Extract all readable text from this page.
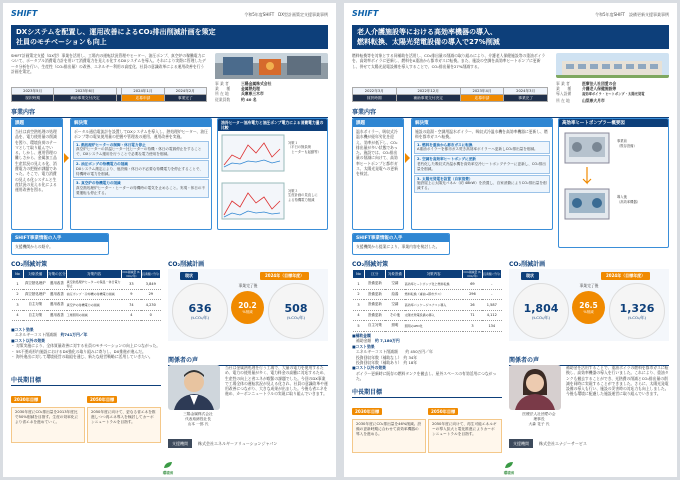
SHIFT	令和5年度SHIFT　DX型計画策定支援事業事例
DXシステムを配置し、運用改善によるCO₂排出削減計画を策定
社員のモチベーションも向上
SHIFT計画策定支援（DX型）事業を活用し、工場内の運転状況管理やヒーター、油圧ポンプ、真空炉の稼働電力について、ポータブル消費電力計を用いて消費電力を見える化するDXシステムを導入。それにより実際に管理したデータ分析を行い、生産性（CO₂排出量）の改善、エネルギー利用の高度化、社員の意識改革による運用改善を行う計画を策定。
2023年5月	2023年6月		2024年1月	2024年2月
採択時期	補助事業交付決定		応募申請	事業完了
事 業 者	三陽金属株式会社
業　　種	金属熱処理
所 在 地	兵庫県三木市
従業員数	約 40 名
事業内容
課題
当社は真空熱処理の処理品を、電力使用量の削減を図り、環境負荷のテーマとして取り組んでいる。しかし、運用管理の難しさから、金属加工品生産状況の見える化、消費電力の把握が課題であった。そこで、電力消費の見える化システムと生産状況の見える化による運用改善を図る。
解決策
ポータル通信電流計を設置してDXシステムを導入し、熱処理炉ヒーター、油圧ポンプ等の電気使用量の把握や管理表の運用、運用改善を実施。
1. 熱処理炉ヒーターの制御・休日電力停止
真空炉ヒーターの昇温ヒーター比ヒーターの待機・休日の電源停止をすることで、DXシステム運用を行うことで必要な電力使用を削減。
2. 油圧ポンプの待機電力の削減
DXシステム測定により、他設備・休日の不必要な待機電力を停止することで、待機時の電力を削減。
3. 真空炉の待機電力の削減
真空熱処理炉ヒーター・ヒーターの待機時の電気を止めること。実現・休日の不要運転も停止する。
油冷ヒーター油冷電力と油圧ポンプ電力による消費電力量の比較
対策１
（平日の無負荷
　ヒーターも起動等）
対策３
生産計画の見直しに
よる待機電力削減
SHIFT事業情報の入手
支援機関からの紹介。
CO₂削減対策
No	対象設備	対策の区分	対策内容	CO₂削減量 (t-CO₂/年)	投資額 (千円)
1	真空熱処理炉	運用改善	真空熱処理炉ヒーターの保温・休日電力停止	33	3,849
2	真空熱処理炉	運用改善	油圧ポンプ・冷却機の待機電力削減	9	29
3	自主対策	運用改善	真空炉の待機電力の削減	74	4,230
4	自主対策	運用改善	工場照明の削減	4	0
■コスト効果
エネルギーコスト削減額　 約741万円／年
■コスト以外の効果
・ 対策実施により、全体質量改善に対する社員のモチベーションの向上につながった。
・ 5S不要成形内施設におけるDX強化の取り組みに寄与し、DX推進が進んだ。
・ 海外進出に対して環境経営の取組を通じ、新たな経営戦略に活用していきたい。
CO₂削減計画
現状	2024年（目標年度）
636
(t-CO₂/年)
事業完了後
20.2
%削減	508
(t-CO₂/年)
関係者の声
三陽金属株式会社
代表取締役社長
山本 一郎 氏
当社は金属熱処理を行う工場で、大量の電力を使用するため、電力の使用量が多く、電力料金の高騰に対応するため、生産性の向上と省エネが喫緊の課題でした。今回のDX事業で工場全体の運転状況が見える化され、社員の意識改革や運用改善につながり、大きな成果が出ました。今後も省エネを進め、カーボンニュートラルの実現に取り組んでいきます。
中長期目標
2030年目標
2030年度にCO₂排出量を2013年度比で50%削減を目指す。生産の効率化により省エネを進めていく。
2050年目標
2050年度に向けて、更なる省エネを推進しつつ再エネ導入を検討してカーボンニュートラルを目指す。
支援機関	株式会社エネルギーソリューションジャパン
環境省
SHIFT	令和5年度SHIFT　設備更新支援事業事例
老人介護施設等における高効率機器の導入、
燃料転換、太陽光発電設備の導入で27%削減
燃料転換等を対象とする同補助を活用し、CO₂排出量の削減の取り組みにより、介護老人保健施設等の重油ボイラを、高効率ボイラに更新し、燃料をA重油から都市ガスに転換。また、施設の空調を高効率ヒートポンプに更新し、併せて太陽光発電設備を導入することで、CO₂排出量を27%削減する。
2022年3月	2022年12月	2023年4月	2024年3月
採択時期	補助事業交付決定	応募申請	事業完了
事 業 者	医療法人社団愛の会
業　　種	介護老人保健施設等
導入設備	高効率ボイラ・ヒートポンプ・太陽光発電
所 在 地	山梨県大月市
事業内容
課題
温水ボイラー、吸収式冷温水機が経年劣化を迎え、効率が低下し、CO₂排出量が多い状態であった。施設では、CO₂排出量の削減に向けて、高効率ヒートポンプと都市ガス、太陽光発電への更新を検討。
解決策
施設の給湯・空調用温水ボイラー、吸収式冷温水機を高効率機器に更新し、燃料を都市ガスへ転換。
1. 燃料を重油から都市ガスに転換
A重油ボイラーを都市ガス焚き高効率ボイラーへ更新しCO₂排出量を削減。
2. 空調を高効率ヒートポンプに更新
老朽化した吸収式冷温水機を高効率空冷ヒートポンプチラーに更新し、CO₂排出量を削減。
3. 太陽光発電を設置（自家消費）
施設屋上に太陽光パネル（約 48kW）を設置し、自家消費によりCO₂排出量を削減する。
高効率ヒートポンプラー概要図
事業前
（既存設備）
導入後
（高効率機器）
SHIFT事業情報の入手
支援機関から提案により、事業内容を検討した。
CO₂削減対策
No	区分	対象設備	対策内容	CO₂削減量 (t-CO₂/年)	投資額 (千円)
1	設備更新	空調	高効率ヒートポンプ化と燃料転換	69	-
2	設備更新	給湯	燃料転換（重油→都市ガス）	296	-
3	設備更新	空調	高効率パッケージエアコン導入	26	1,587
4	設備更新	その他	太陽光発電設備の導入	71	4,112
5	自主対策	照明	照明のLED化	3	134
■補助金額
補助金額　 約 7,180万円
■コスト効果
エネルギーコスト削減額　　約 450万円／年
投資回収年数（補助なし）　約 34年
投資回収年数（補助あり）　約 18年
■コスト以外の効果
ボイラー更新時に既存の燃料タンクを撤去し、屋外スペースの有効活用につながった。
CO₂削減計画
現状	2024年（目標年度）
1,804
(t-CO₂/年)
事業完了後
26.5
%削減 1,326
(t-CO₂/年)
関係者の声
医療法人社団愛の会
理事長
大森 花子 氏
補助金を活用することで、重油ボイラの燃料を都市ガスに転換し、高効率機器の導入を行いました。これにより、重油タンクも撤去することができ、光熱費の削減とCO₂排出量の削減を同時に実現することができました。さらに、太陽光発電設備の導入も行い、施設の災害時の対応力も向上しました。今後も環境に配慮した施設運営に取り組んでいきます。
中長期目標
2030年目標
2030年度にCO₂排出量を46%削減。設備の更新時期に合わせて高効率機器の導入を進める。
2050年目標
2050年度に向けて、再生可能エネルギーの導入拡大と電化推進によりカーボンニュートラルを目指す。
支援機関	株式会社エナジーサービス
環境省
